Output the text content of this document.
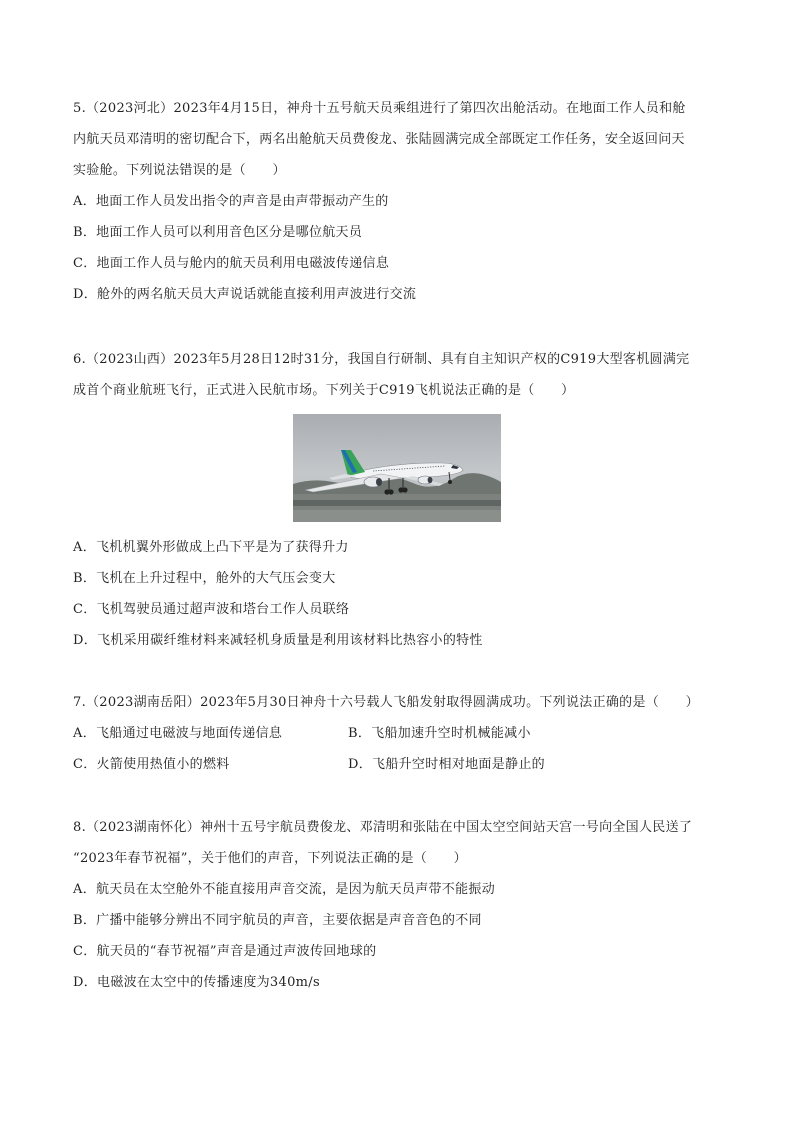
5.（2023河北）2023年4月15日，神舟十五号航天员乘组进行了第四次出舱活动。在地面工作人员和舱
内航天员邓清明的密切配合下，两名出舱航天员费俊龙、张陆圆满完成全部既定工作任务，安全返回问天
实验舱。下列说法错误的是（　　）
A．地面工作人员发出指令的声音是由声带振动产生的
B．地面工作人员可以利用音色区分是哪位航天员
C．地面工作人员与舱内的航天员利用电磁波传递信息
D．舱外的两名航天员大声说话就能直接利用声波进行交流
6.（2023山西）2023年5月28日12时31分，我国自行研制、具有自主知识产权的C919大型客机圆满完
成首个商业航班飞行，正式进入民航市场。下列关于C919飞机说法正确的是（　　）
A．飞机机翼外形做成上凸下平是为了获得升力
B．飞机在上升过程中，舱外的大气压会变大
C．飞机驾驶员通过超声波和塔台工作人员联络
D．飞机采用碳纤维材料来减轻机身质量是利用该材料比热容小的特性
7.（2023湖南岳阳）2023年5月30日神舟十六号载人飞船发射取得圆满成功。下列说法正确的是（　　）
A．飞船通过电磁波与地面传递信息	B．飞船加速升空时机械能减小
C．火箭使用热值小的燃料	D．飞船升空时相对地面是静止的
8.（2023湖南怀化）神州十五号宇航员费俊龙、邓清明和张陆在中国太空空间站天宫一号向全国人民送了
“2023年春节祝福”，关于他们的声音，下列说法正确的是（　　）
A．航天员在太空舱外不能直接用声音交流，是因为航天员声带不能振动
B．广播中能够分辨出不同宇航员的声音，主要依据是声音音色的不同
C．航天员的“春节祝福”声音是通过声波传回地球的
D．电磁波在太空中的传播速度为340m/s
